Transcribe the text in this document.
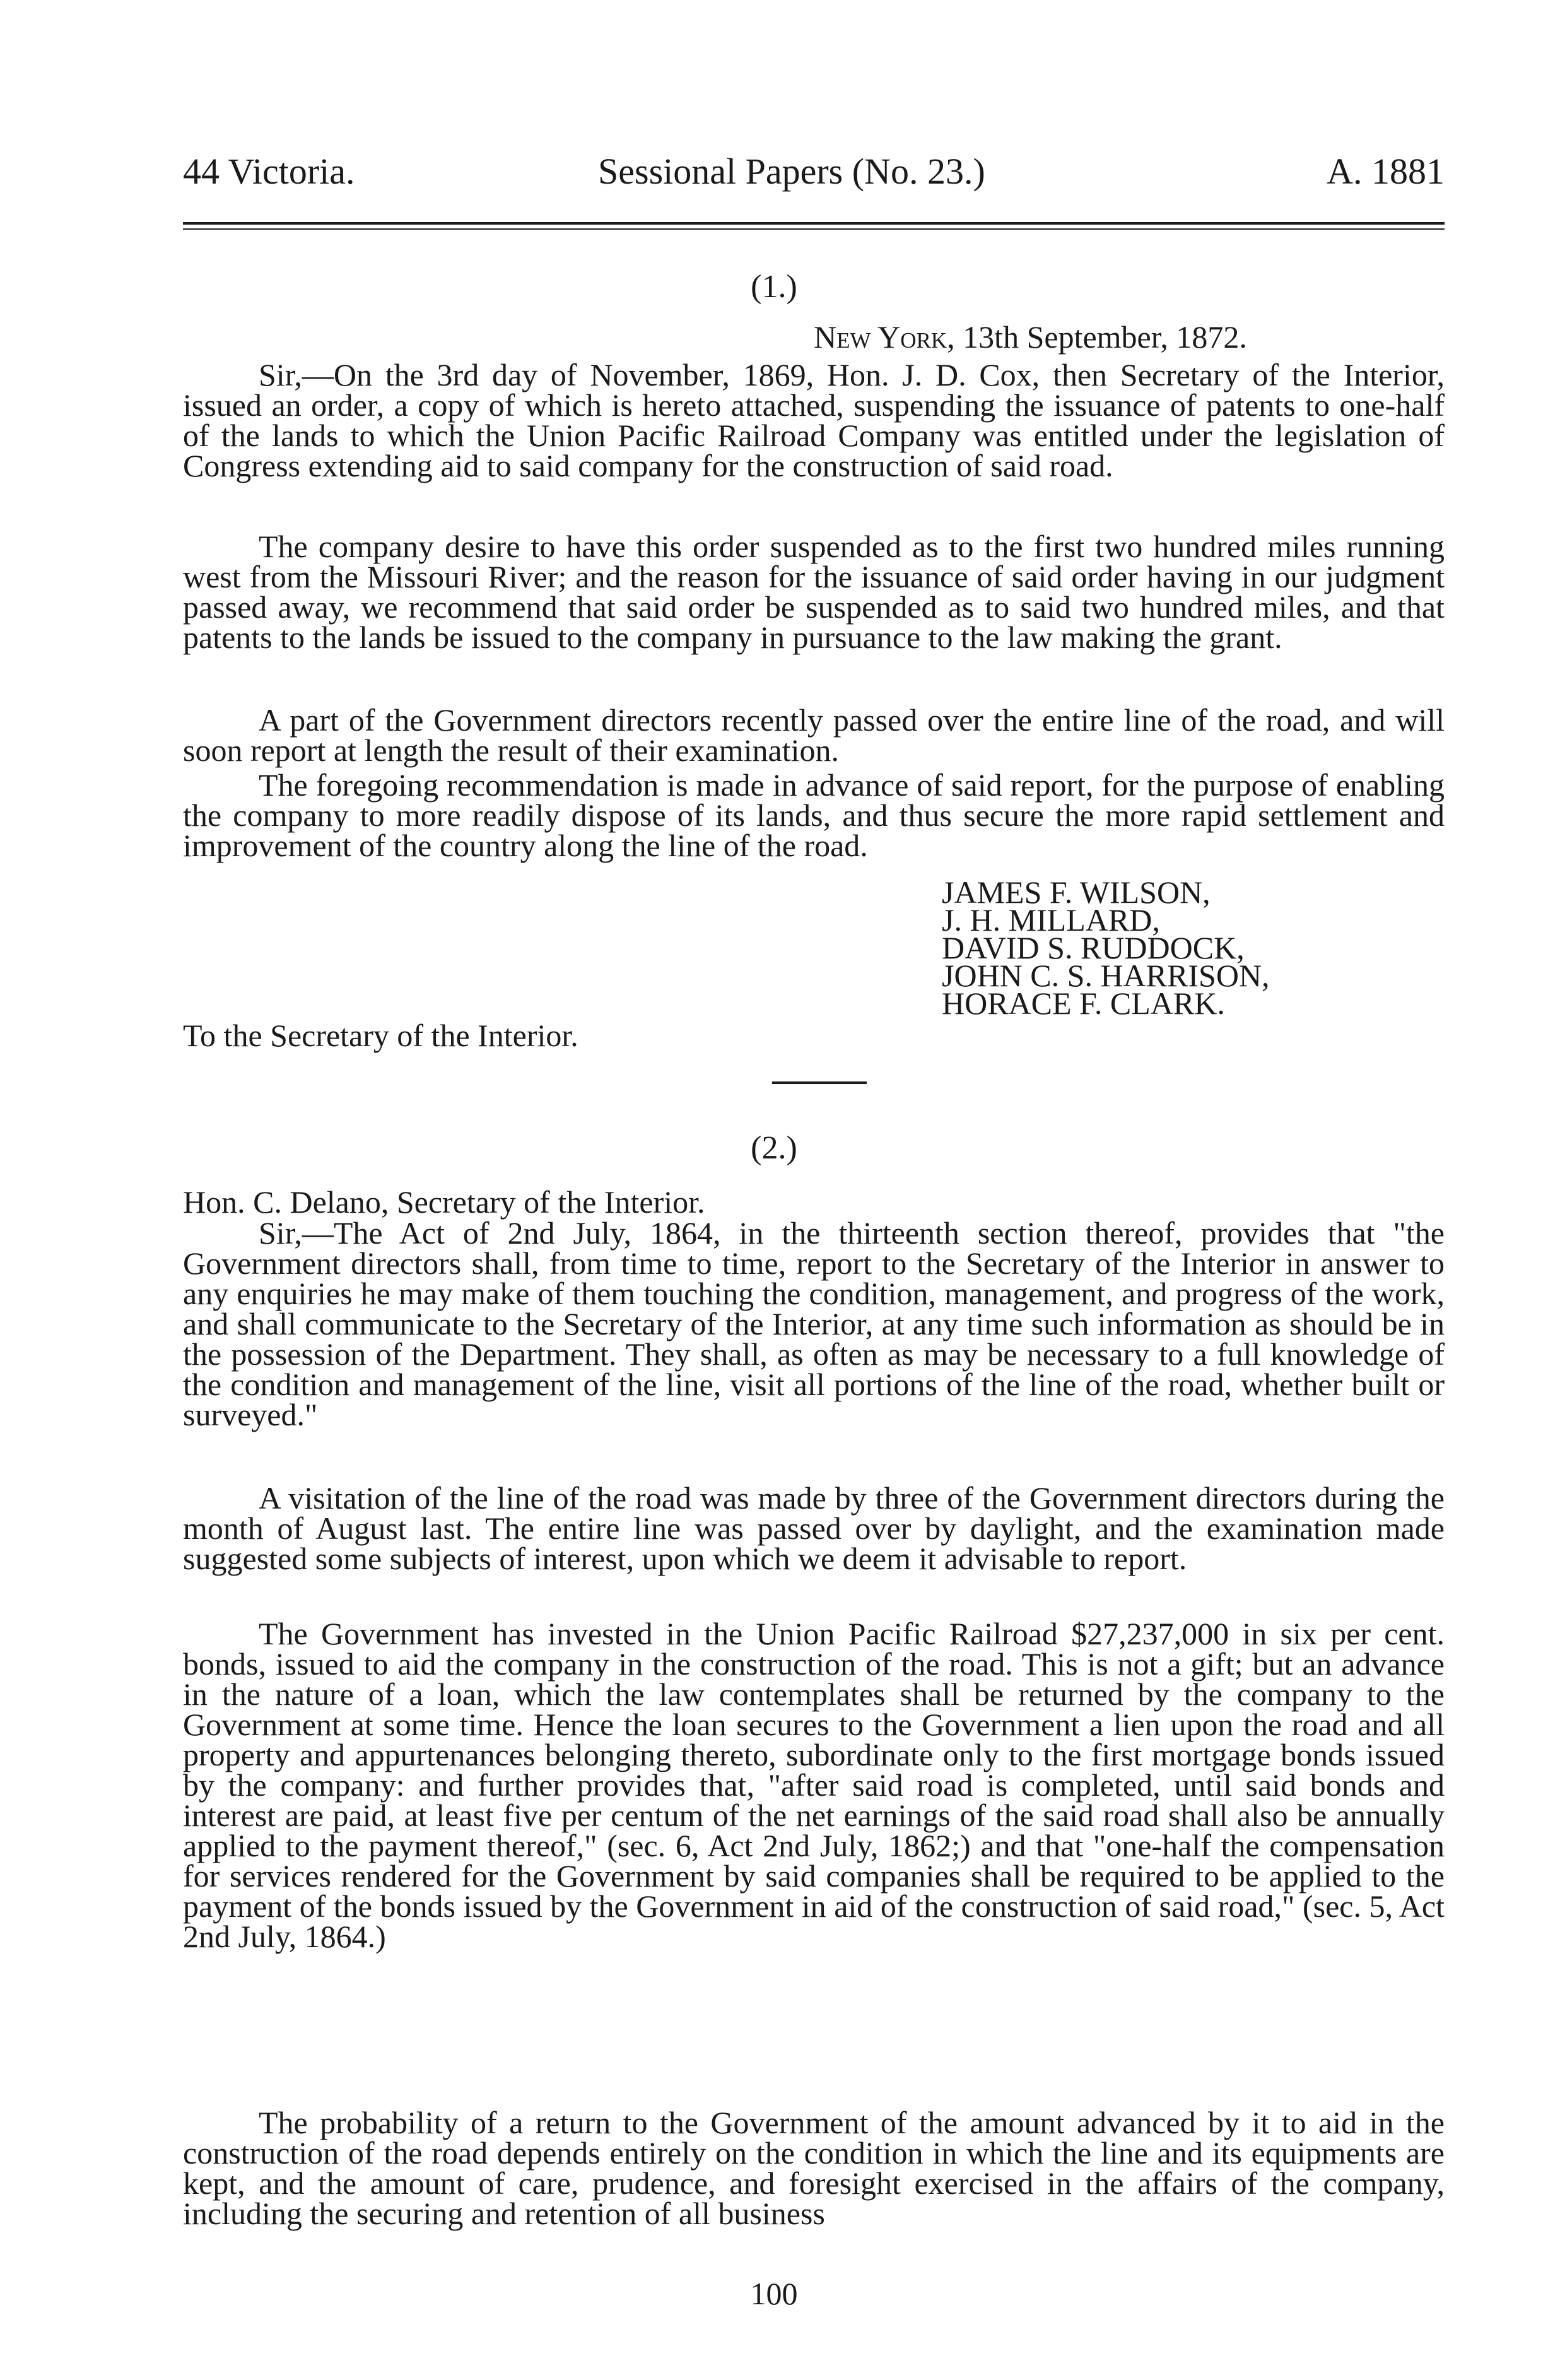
44 Victoria.	Sessional Papers (No. 23.)	A. 1881
(1.)
New York, 13th September, 1872.

Sir,—On the 3rd day of November, 1869, Hon. J. D. Cox, then Secretary of the Interior, issued an order, a copy of which is hereto attached, suspending the issuance of patents to one-half of the lands to which the Union Pacific Railroad Company was entitled under the legislation of Congress extending aid to said company for the construction of said road.

The company desire to have this order suspended as to the first two hundred miles running west from the Missouri River; and the reason for the issuance of said order having in our judgment passed away, we recommend that said order be suspended as to said two hundred miles, and that patents to the lands be issued to the company in pursuance to the law making the grant.

A part of the Government directors recently passed over the entire line of the road, and will soon report at length the result of their examination.

The foregoing recommendation is made in advance of said report, for the purpose of enabling the company to more readily dispose of its lands, and thus secure the more rapid settlement and improvement of the country along the line of the road.

JAMES F. WILSON,
J. H. MILLARD,
DAVID S. RUDDOCK,
JOHN C. S. HARRISON,
HORACE F. CLARK.
To the Secretary of the Interior.
(2.)
Hon. C. Delano, Secretary of the Interior.

Sir,—The Act of 2nd July, 1864, in the thirteenth section thereof, provides that "the Government directors shall, from time to time, report to the Secretary of the Interior in answer to any enquiries he may make of them touching the condition, management, and progress of the work, and shall communicate to the Secretary of the Interior, at any time such information as should be in the possession of the Department. They shall, as often as may be necessary to a full knowledge of the condition and management of the line, visit all portions of the line of the road, whether built or surveyed."

A visitation of the line of the road was made by three of the Government directors during the month of August last. The entire line was passed over by daylight, and the examination made suggested some subjects of interest, upon which we deem it advisable to report.

The Government has invested in the Union Pacific Railroad $27,237,000 in six per cent. bonds, issued to aid the company in the construction of the road. This is not a gift; but an advance in the nature of a loan, which the law contemplates shall be returned by the company to the Government at some time. Hence the loan secures to the Government a lien upon the road and all property and appurtenances belonging thereto, subordinate only to the first mortgage bonds issued by the company: and further provides that, "after said road is completed, until said bonds and interest are paid, at least five per centum of the net earnings of the said road shall also be annually applied to the payment thereof," (sec. 6, Act 2nd July, 1862;) and that "one-half the compensation for services rendered for the Government by said companies shall be required to be applied to the payment of the bonds issued by the Government in aid of the construction of said road," (sec. 5, Act 2nd July, 1864.)

The probability of a return to the Government of the amount advanced by it to aid in the construction of the road depends entirely on the condition in which the line and its equipments are kept, and the amount of care, prudence, and foresight exercised in the affairs of the company, including the securing and retention of all business

100
